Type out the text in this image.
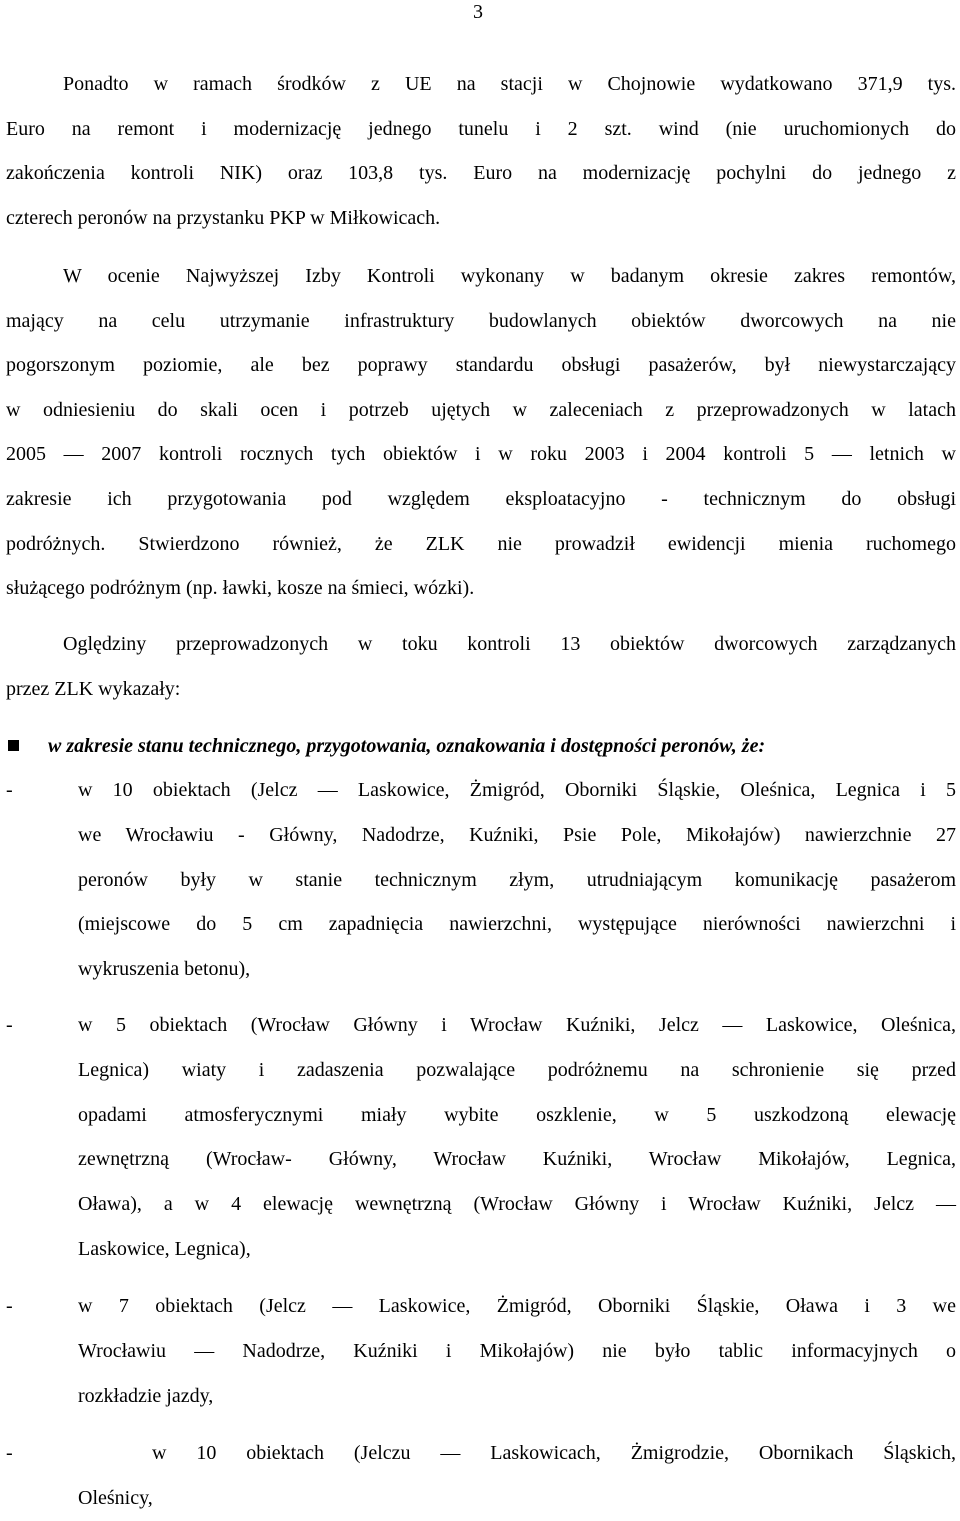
3
Ponadto w ramach środków z UE na stacji w Chojnowie wydatkowano 371,9 tys.
Euro na remont i modernizację jednego tunelu i 2 szt. wind (nie uruchomionych do
zakończenia kontroli NIK) oraz 103,8 tys. Euro na modernizację pochylni do jednego z
czterech peronów na przystanku PKP w Miłkowicach.
W ocenie Najwyższej Izby Kontroli wykonany w badanym okresie zakres remontów,
mający na celu utrzymanie infrastruktury budowlanych obiektów dworcowych na nie
pogorszonym poziomie, ale bez poprawy standardu obsługi pasażerów, był niewystarczający
w odniesieniu do skali ocen i potrzeb ujętych w zaleceniach z przeprowadzonych w latach
2005 — 2007 kontroli rocznych tych obiektów i w roku 2003 i 2004 kontroli 5 — letnich w
zakresie ich przygotowania pod względem eksploatacyjno - technicznym do obsługi
podróżnych. Stwierdzono również, że ZLK nie prowadził ewidencji mienia ruchomego
służącego podróżnym (np. ławki, kosze na śmieci, wózki).
Oględziny przeprowadzonych w toku kontroli 13 obiektów dworcowych zarządzanych
przez ZLK wykazały:
w zakresie stanu technicznego, przygotowania, oznakowania i dostępności peronów, że:
-	w 10 obiektach (Jelcz — Laskowice, Żmigród, Oborniki Śląskie, Oleśnica, Legnica i 5
we Wrocławiu - Główny, Nadodrze, Kuźniki, Psie Pole, Mikołajów) nawierzchnie 27
peronów były w stanie technicznym złym, utrudniającym komunikację pasażerom
(miejscowe do 5 cm zapadnięcia nawierzchni, występujące nierówności nawierzchni i
wykruszenia betonu),
-	w 5 obiektach (Wrocław Główny i Wrocław Kuźniki, Jelcz — Laskowice, Oleśnica,
Legnica) wiaty i zadaszenia pozwalające podróżnemu na schronienie się przed
opadami atmosferycznymi miały wybite oszklenie, w 5 uszkodzoną elewację
zewnętrzną (Wrocław- Główny, Wrocław Kuźniki, Wrocław Mikołajów, Legnica,
Oława), a w 4 elewację wewnętrzną (Wrocław Główny i Wrocław Kuźniki, Jelcz —
Laskowice, Legnica),
-	w 7 obiektach (Jelcz — Laskowice, Żmigród, Oborniki Śląskie, Oława i 3 we
Wrocławiu — Nadodrze, Kuźniki i Mikołajów) nie było tablic informacyjnych o
rozkładzie jazdy,
-	w 10 obiektach (Jelczu — Laskowicach, Żmigrodzie, Obornikach Śląskich,
Oleśnicy,
